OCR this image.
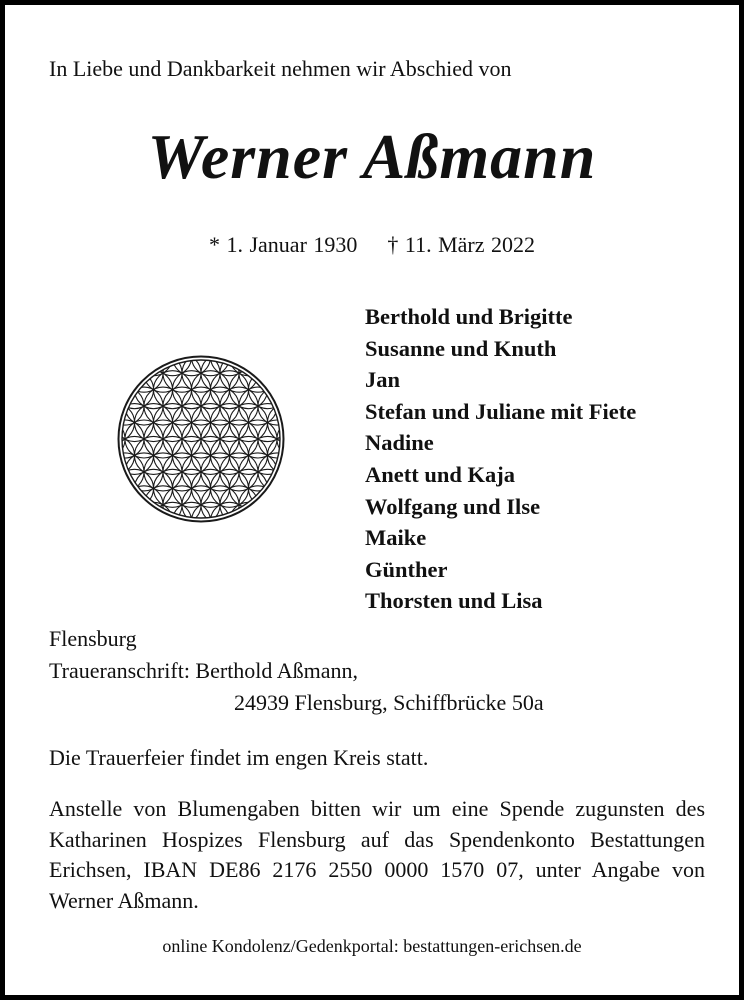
In Liebe und Dankbarkeit nehmen wir Abschied von
Werner Aßmann
* 1. Januar 1930 † 11. März 2022
Berthold und Brigitte
Susanne und Knuth
Jan
Stefan und Juliane mit Fiete
Nadine
Anett und Kaja
Wolfgang und Ilse
Maike
Günther
Thorsten und Lisa
Flensburg
Traueranschrift: Berthold Aßmann,
24939 Flensburg, Schiffbrücke 50a
Die Trauerfeier findet im engen Kreis statt.
Anstelle von Blumengaben bitten wir um eine Spende zugunsten des Katharinen Hospizes Flensburg auf das Spendenkonto Bestattungen Erichsen, IBAN DE86 2176 2550 0000 1570 07, unter Angabe von Werner Aßmann.
online Kondolenz/Gedenkportal: bestattungen-erichsen.de
